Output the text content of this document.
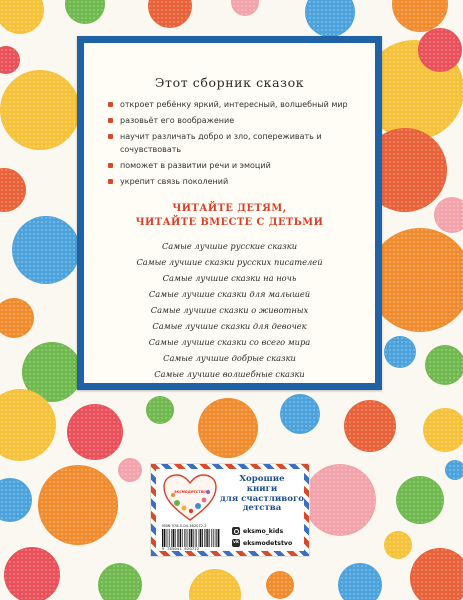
Этот сборник сказок
откроет ребёнку яркий, интересный, волшебный мир
разовьёт его воображение
научит различать добро и зло, сопереживать и сочувствовать
поможет в развитии речи и эмоций
укрепит связь поколений
ЧИТАЙТЕ ДЕТЯМ,
ЧИТАЙТЕ ВМЕСТЕ С ДЕТЬМИ
Самые лучшие русские сказки
Самые лучшие сказки русских писателей
Самые лучшие сказки на ночь
Самые лучшие сказки для малышей
Самые лучшие сказки о животных
Самые лучшие сказки для девочек
Самые лучшие сказки со всего мира
Самые лучшие добрые сказки
Самые лучшие волшебные сказки
эксмодетство
Хорошие
книги
для счастливого
детства
ISBN 978-5-04-162072-2
9 785041 620722
eksmo_kids
vk eksmodetstvo
